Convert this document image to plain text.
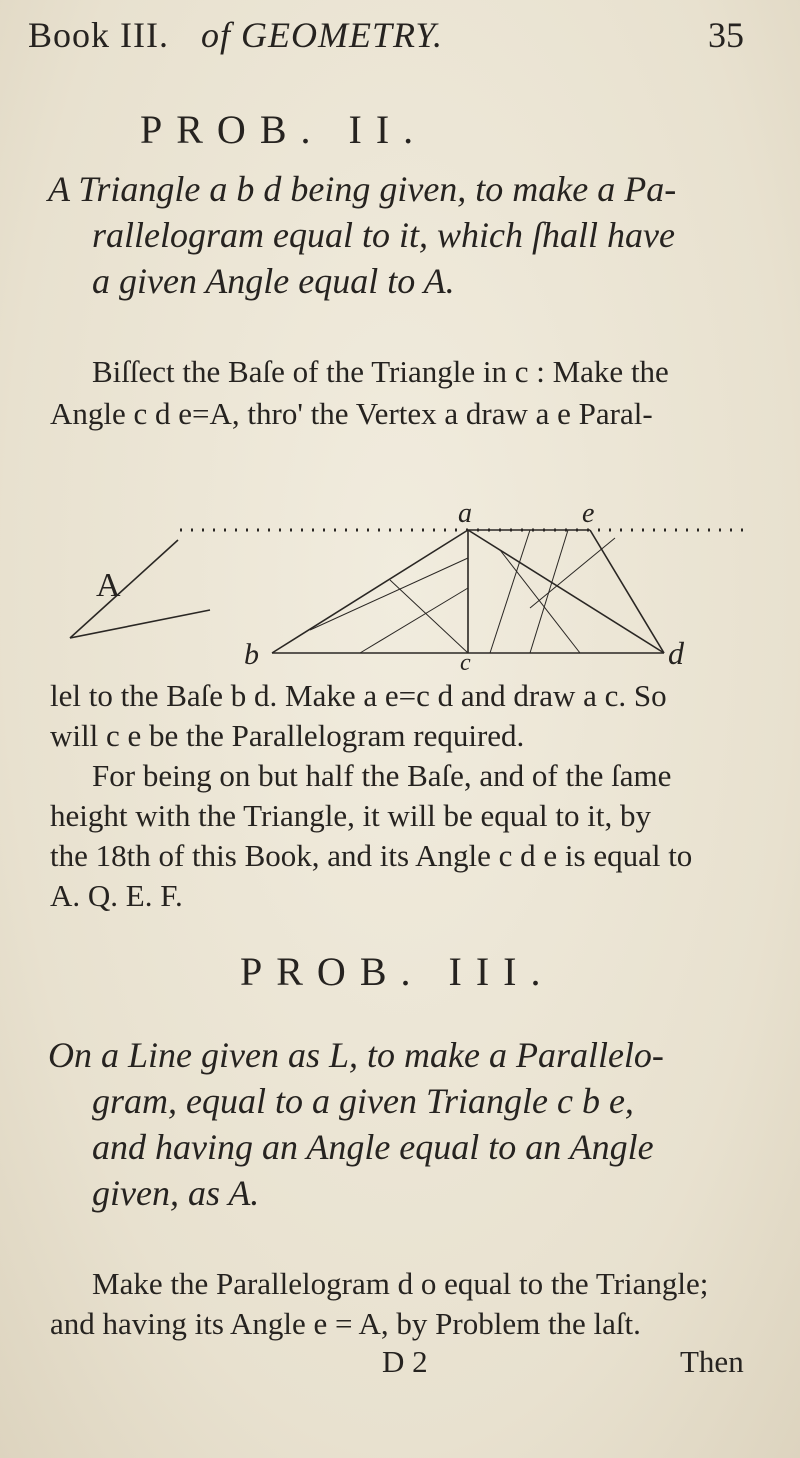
Book III. of GEOMETRY.	35
PROB. II.
A Triangle a b d being given, to make a Pa-
rallelogram equal to it, which ſhall have
a given Angle equal to A.
Biſſect the Baſe of the Triangle in c : Make the
Angle c d e=A, thro' the Vertex a draw a e Paral-
A
a	e
b	c	d
lel to the Baſe b d. Make a e=c d and draw a c. So
will c e be the Parallelogram required.
For being on but half the Baſe, and of the ſame
height with the Triangle, it will be equal to it, by
the 18th of this Book, and its Angle c d e is equal to
A. Q. E. F.
PROB. III.
On a Line given as L, to make a Parallelo-
gram, equal to a given Triangle c b e,
and having an Angle equal to an Angle
given, as A.
Make the Parallelogram d o equal to the Triangle;
and having its Angle e = A, by Problem the laſt.
D 2	Then
